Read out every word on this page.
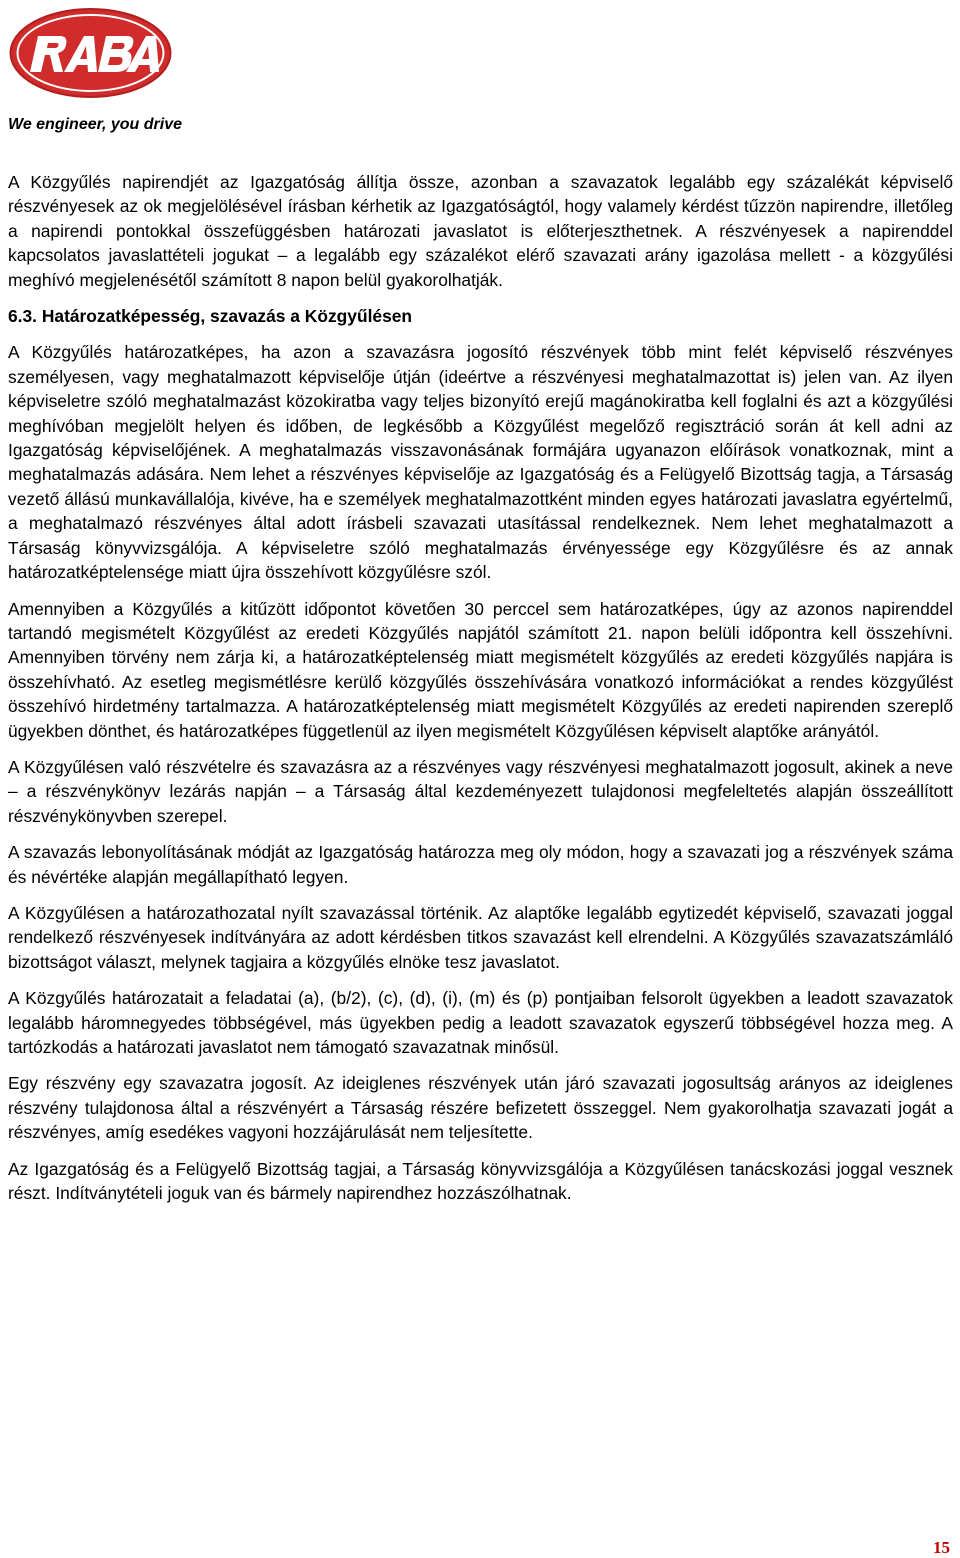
We engineer, you drive

A Közgyűlés napirendjét az Igazgatóság állítja össze, azonban a szavazatok legalább egy százalékát képviselő részvényesek az ok megjelölésével írásban kérhetik az Igazgatóságtól, hogy valamely kérdést tűzzön napirendre, illetőleg a napirendi pontokkal összefüggésben határozati javaslatot is előterjeszthetnek. A részvényesek a napirenddel kapcsolatos javaslattételi jogukat – a legalább egy százalékot elérő szavazati arány igazolása mellett - a közgyűlési meghívó megjelenésétől számított 8 napon belül gyakorolhatják.

6.3. Határozatképesség, szavazás a Közgyűlésen

A Közgyűlés határozatképes, ha azon a szavazásra jogosító részvények több mint felét képviselő részvényes személyesen, vagy meghatalmazott képviselője útján (ideértve a részvényesi meghatalmazottat is) jelen van. Az ilyen képviseletre szóló meghatalmazást közokiratba vagy teljes bizonyító erejű magánokiratba kell foglalni és azt a közgyűlési meghívóban megjelölt helyen és időben, de legkésőbb a Közgyűlést megelőző regisztráció során át kell adni az Igazgatóság képviselőjének. A meghatalmazás visszavonásának formájára ugyanazon előírások vonatkoznak, mint a meghatalmazás adására. Nem lehet a részvényes képviselője az Igazgatóság és a Felügyelő Bizottság tagja, a Társaság vezető állású munkavállalója, kivéve, ha e személyek meghatalmazottként minden egyes határozati javaslatra egyértelmű, a meghatalmazó részvényes által adott írásbeli szavazati utasítással rendelkeznek. Nem lehet meghatalmazott a Társaság könyvvizsgálója. A képviseletre szóló meghatalmazás érvényessége egy Közgyűlésre és az annak határozatképtelensége miatt újra összehívott közgyűlésre szól.

Amennyiben a Közgyűlés a kitűzött időpontot követően 30 perccel sem határozatképes, úgy az azonos napirenddel tartandó megismételt Közgyűlést az eredeti Közgyűlés napjától számított 21. napon belüli időpontra kell összehívni. Amennyiben törvény nem zárja ki, a határozatképtelenség miatt megismételt közgyűlés az eredeti közgyűlés napjára is összehívható. Az esetleg megismétlésre kerülő közgyűlés összehívására vonatkozó információkat a rendes közgyűlést összehívó hirdetmény tartalmazza. A határozatképtelenség miatt megismételt Közgyűlés az eredeti napirenden szereplő ügyekben dönthet, és határozatképes függetlenül az ilyen megismételt Közgyűlésen képviselt alaptőke arányától.

A Közgyűlésen való részvételre és szavazásra az a részvényes vagy részvényesi meghatalmazott jogosult, akinek a neve – a részvénykönyv lezárás napján – a Társaság által kezdeményezett tulajdonosi megfeleltetés alapján összeállított részvénykönyvben szerepel.

A szavazás lebonyolításának módját az Igazgatóság határozza meg oly módon, hogy a szavazati jog a részvények száma és névértéke alapján megállapítható legyen.

A Közgyűlésen a határozathozatal nyílt szavazással történik. Az alaptőke legalább egytizedét képviselő, szavazati joggal rendelkező részvényesek indítványára az adott kérdésben titkos szavazást kell elrendelni. A Közgyűlés szavazatszámláló bizottságot választ, melynek tagjaira a közgyűlés elnöke tesz javaslatot.

A Közgyűlés határozatait a feladatai (a), (b/2), (c), (d), (i), (m) és (p) pontjaiban felsorolt ügyekben a leadott szavazatok legalább háromnegyedes többségével, más ügyekben pedig a leadott szavazatok egyszerű többségével hozza meg. A tartózkodás a határozati javaslatot nem támogató szavazatnak minősül.

Egy részvény egy szavazatra jogosít. Az ideiglenes részvények után járó szavazati jogosultság arányos az ideiglenes részvény tulajdonosa által a részvényért a Társaság részére befizetett összeggel. Nem gyakorolhatja szavazati jogát a részvényes, amíg esedékes vagyoni hozzájárulását nem teljesítette.

Az Igazgatóság és a Felügyelő Bizottság tagjai, a Társaság könyvvizsgálója a Közgyűlésen tanácskozási joggal vesznek részt. Indítványtételi joguk van és bármely napirendhez hozzászólhatnak.

15
